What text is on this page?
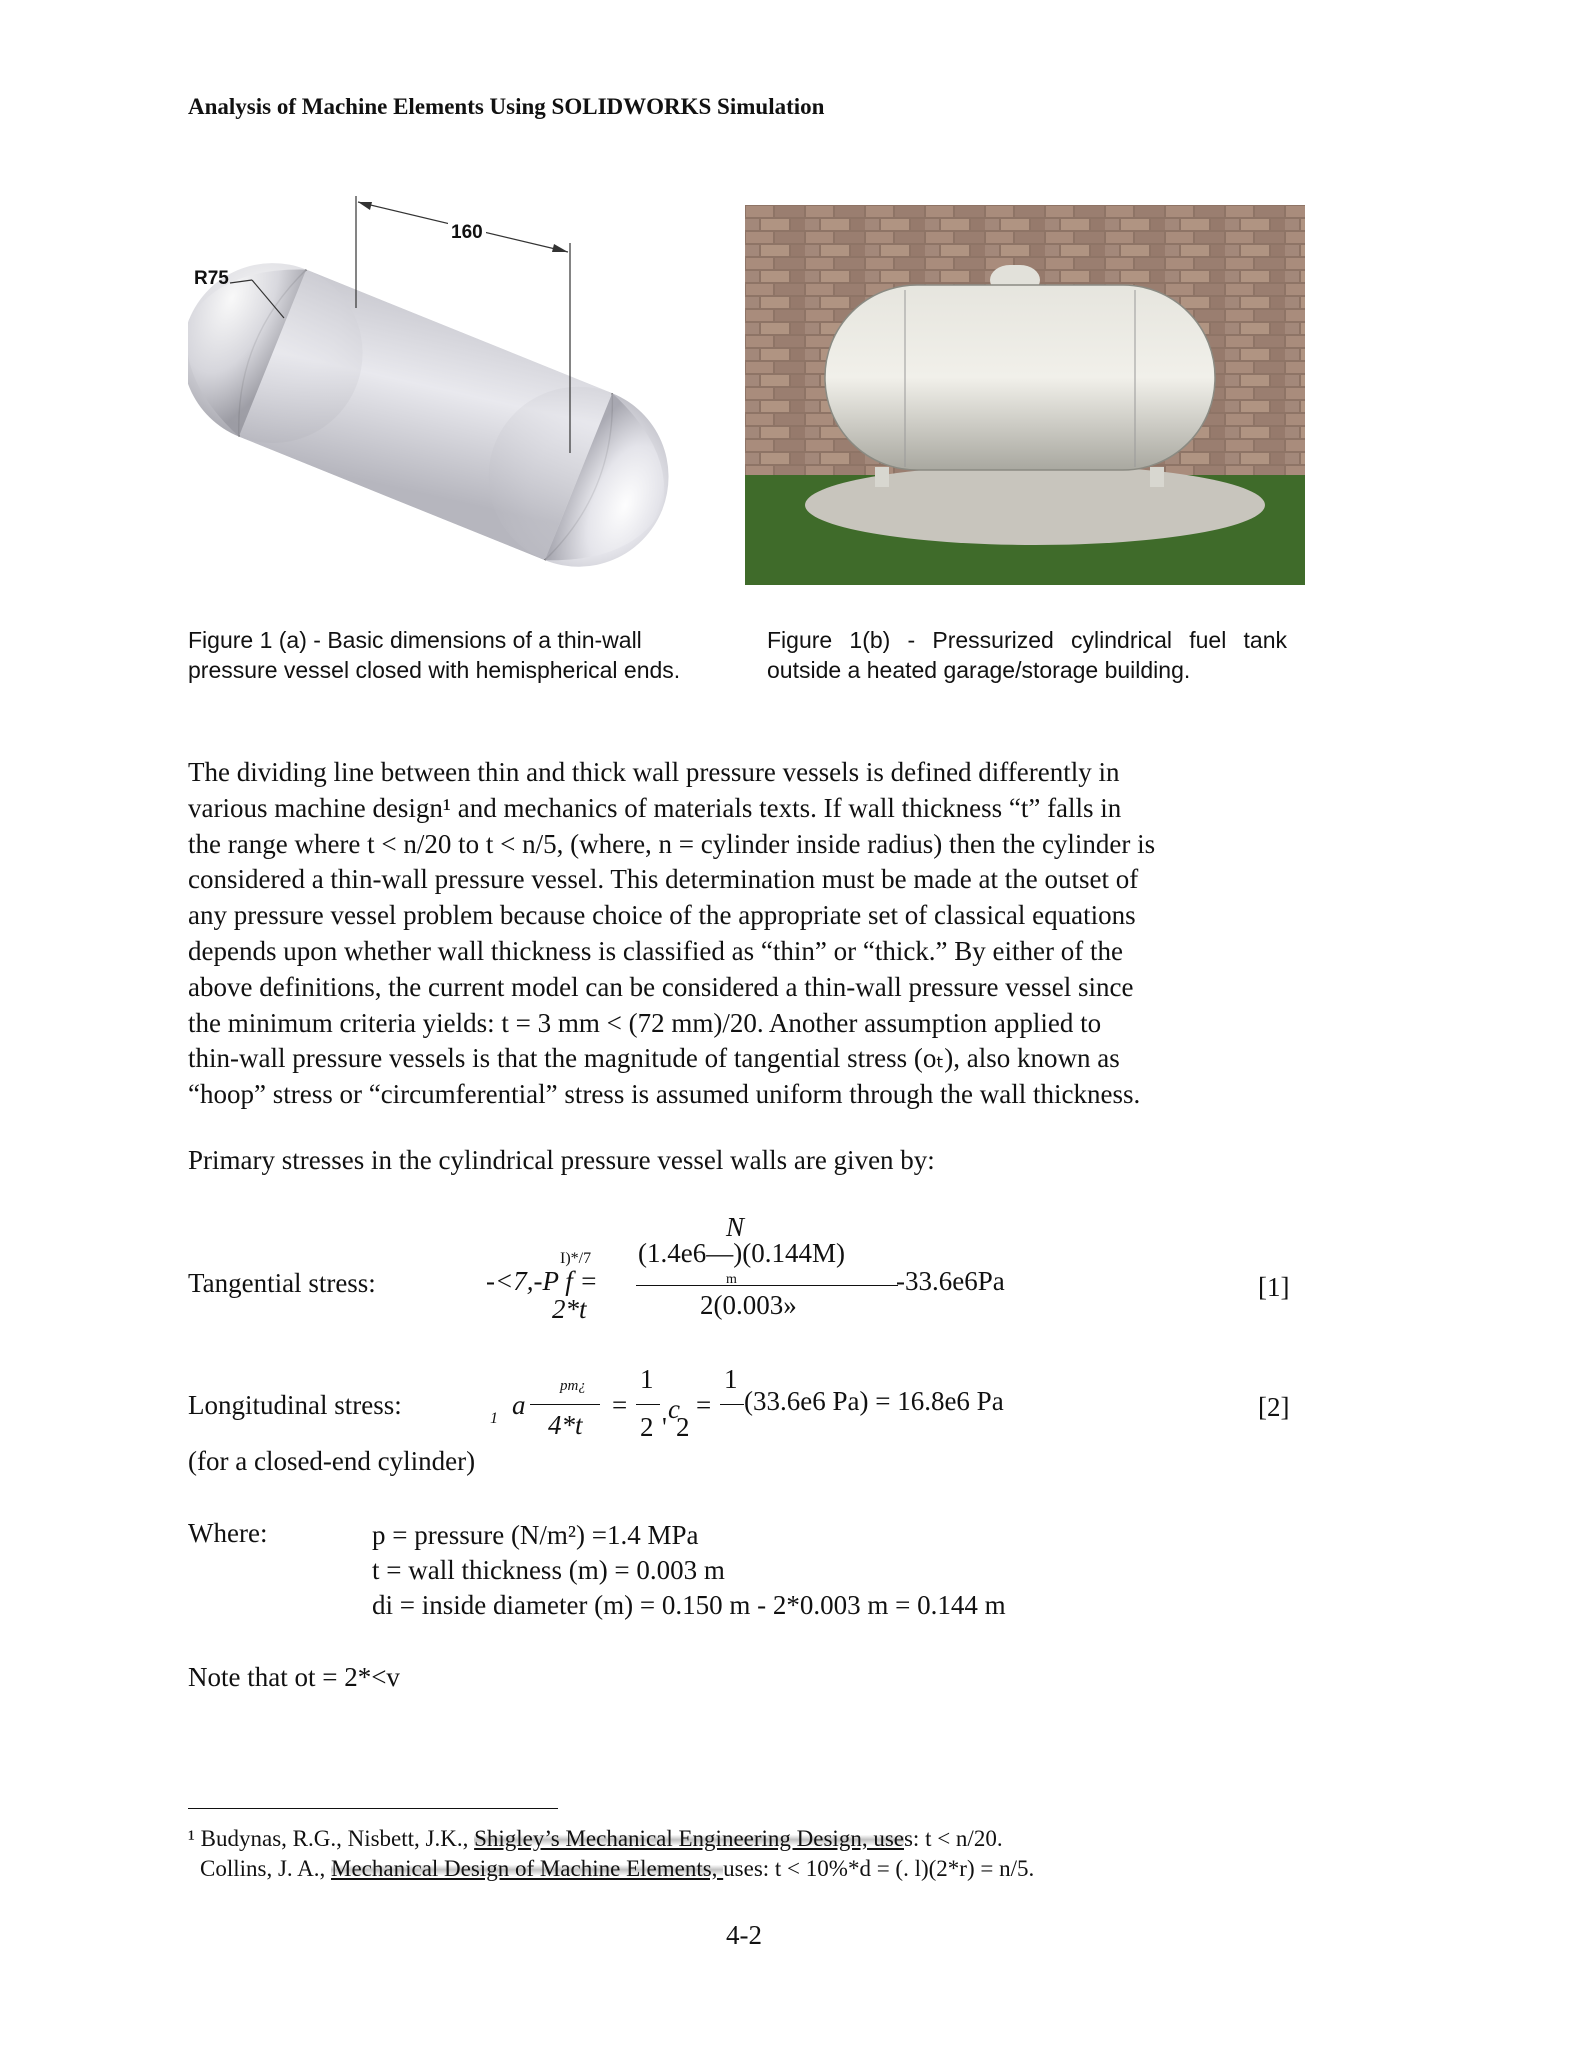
Analysis of Machine Elements Using SOLIDWORKS Simulation
160
R75
Figure 1 (a) - Basic dimensions of a thin-wall
pressure vessel closed with hemispherical ends.
Figure 1(b) - Pressurized cylindrical fuel tank
outside a heated garage/storage building.
The dividing line between thin and thick wall pressure vessels is defined differently in
various machine design¹ and mechanics of materials texts. If wall thickness “t” falls in
the range where t < n/20 to t < n/5, (where, n = cylinder inside radius) then the cylinder is
considered a thin-wall pressure vessel. This determination must be made at the outset of
any pressure vessel problem because choice of the appropriate set of classical equations
depends upon whether wall thickness is classified as “thin” or “thick.” By either of the
above definitions, the current model can be considered a thin-wall pressure vessel since
the minimum criteria yields: t = 3 mm < (72 mm)/20. Another assumption applied to
thin-wall pressure vessels is that the magnitude of tangential stress (oₜ), also known as
“hoop” stress or “circumferential” stress is assumed uniform through the wall thickness.
Primary stresses in the cylindrical pressure vessel walls are given by:
Tangential stress:
I)*/7
-<7,-P f =
2*t
N
(1.4e6—)(0.144M)
m
2(0.003»
-33.6e6Pa	[1]
Longitudinal stress:
(for a closed-end cylinder)
1 a
pm¿
4*t
=
1
2
c
' 2
=
1
(33.6e6 Pa) = 16.8e6 Pa	[2]
Where:	p = pressure (N/m²) =1.4 MPa
t = wall thickness (m) = 0.003 m
di = inside diameter (m) = 0.150 m - 2*0.003 m = 0.144 m
Note that ot = 2*<v
¹ Budynas, R.G., Nisbett, J.K., Shigley’s Mechanical Engineering Design, uses: t < n/20.
Collins, J. A., Mechanical Design of Machine Elements, uses: t < 10%*d = (. l)(2*r) = n/5.
4-2
